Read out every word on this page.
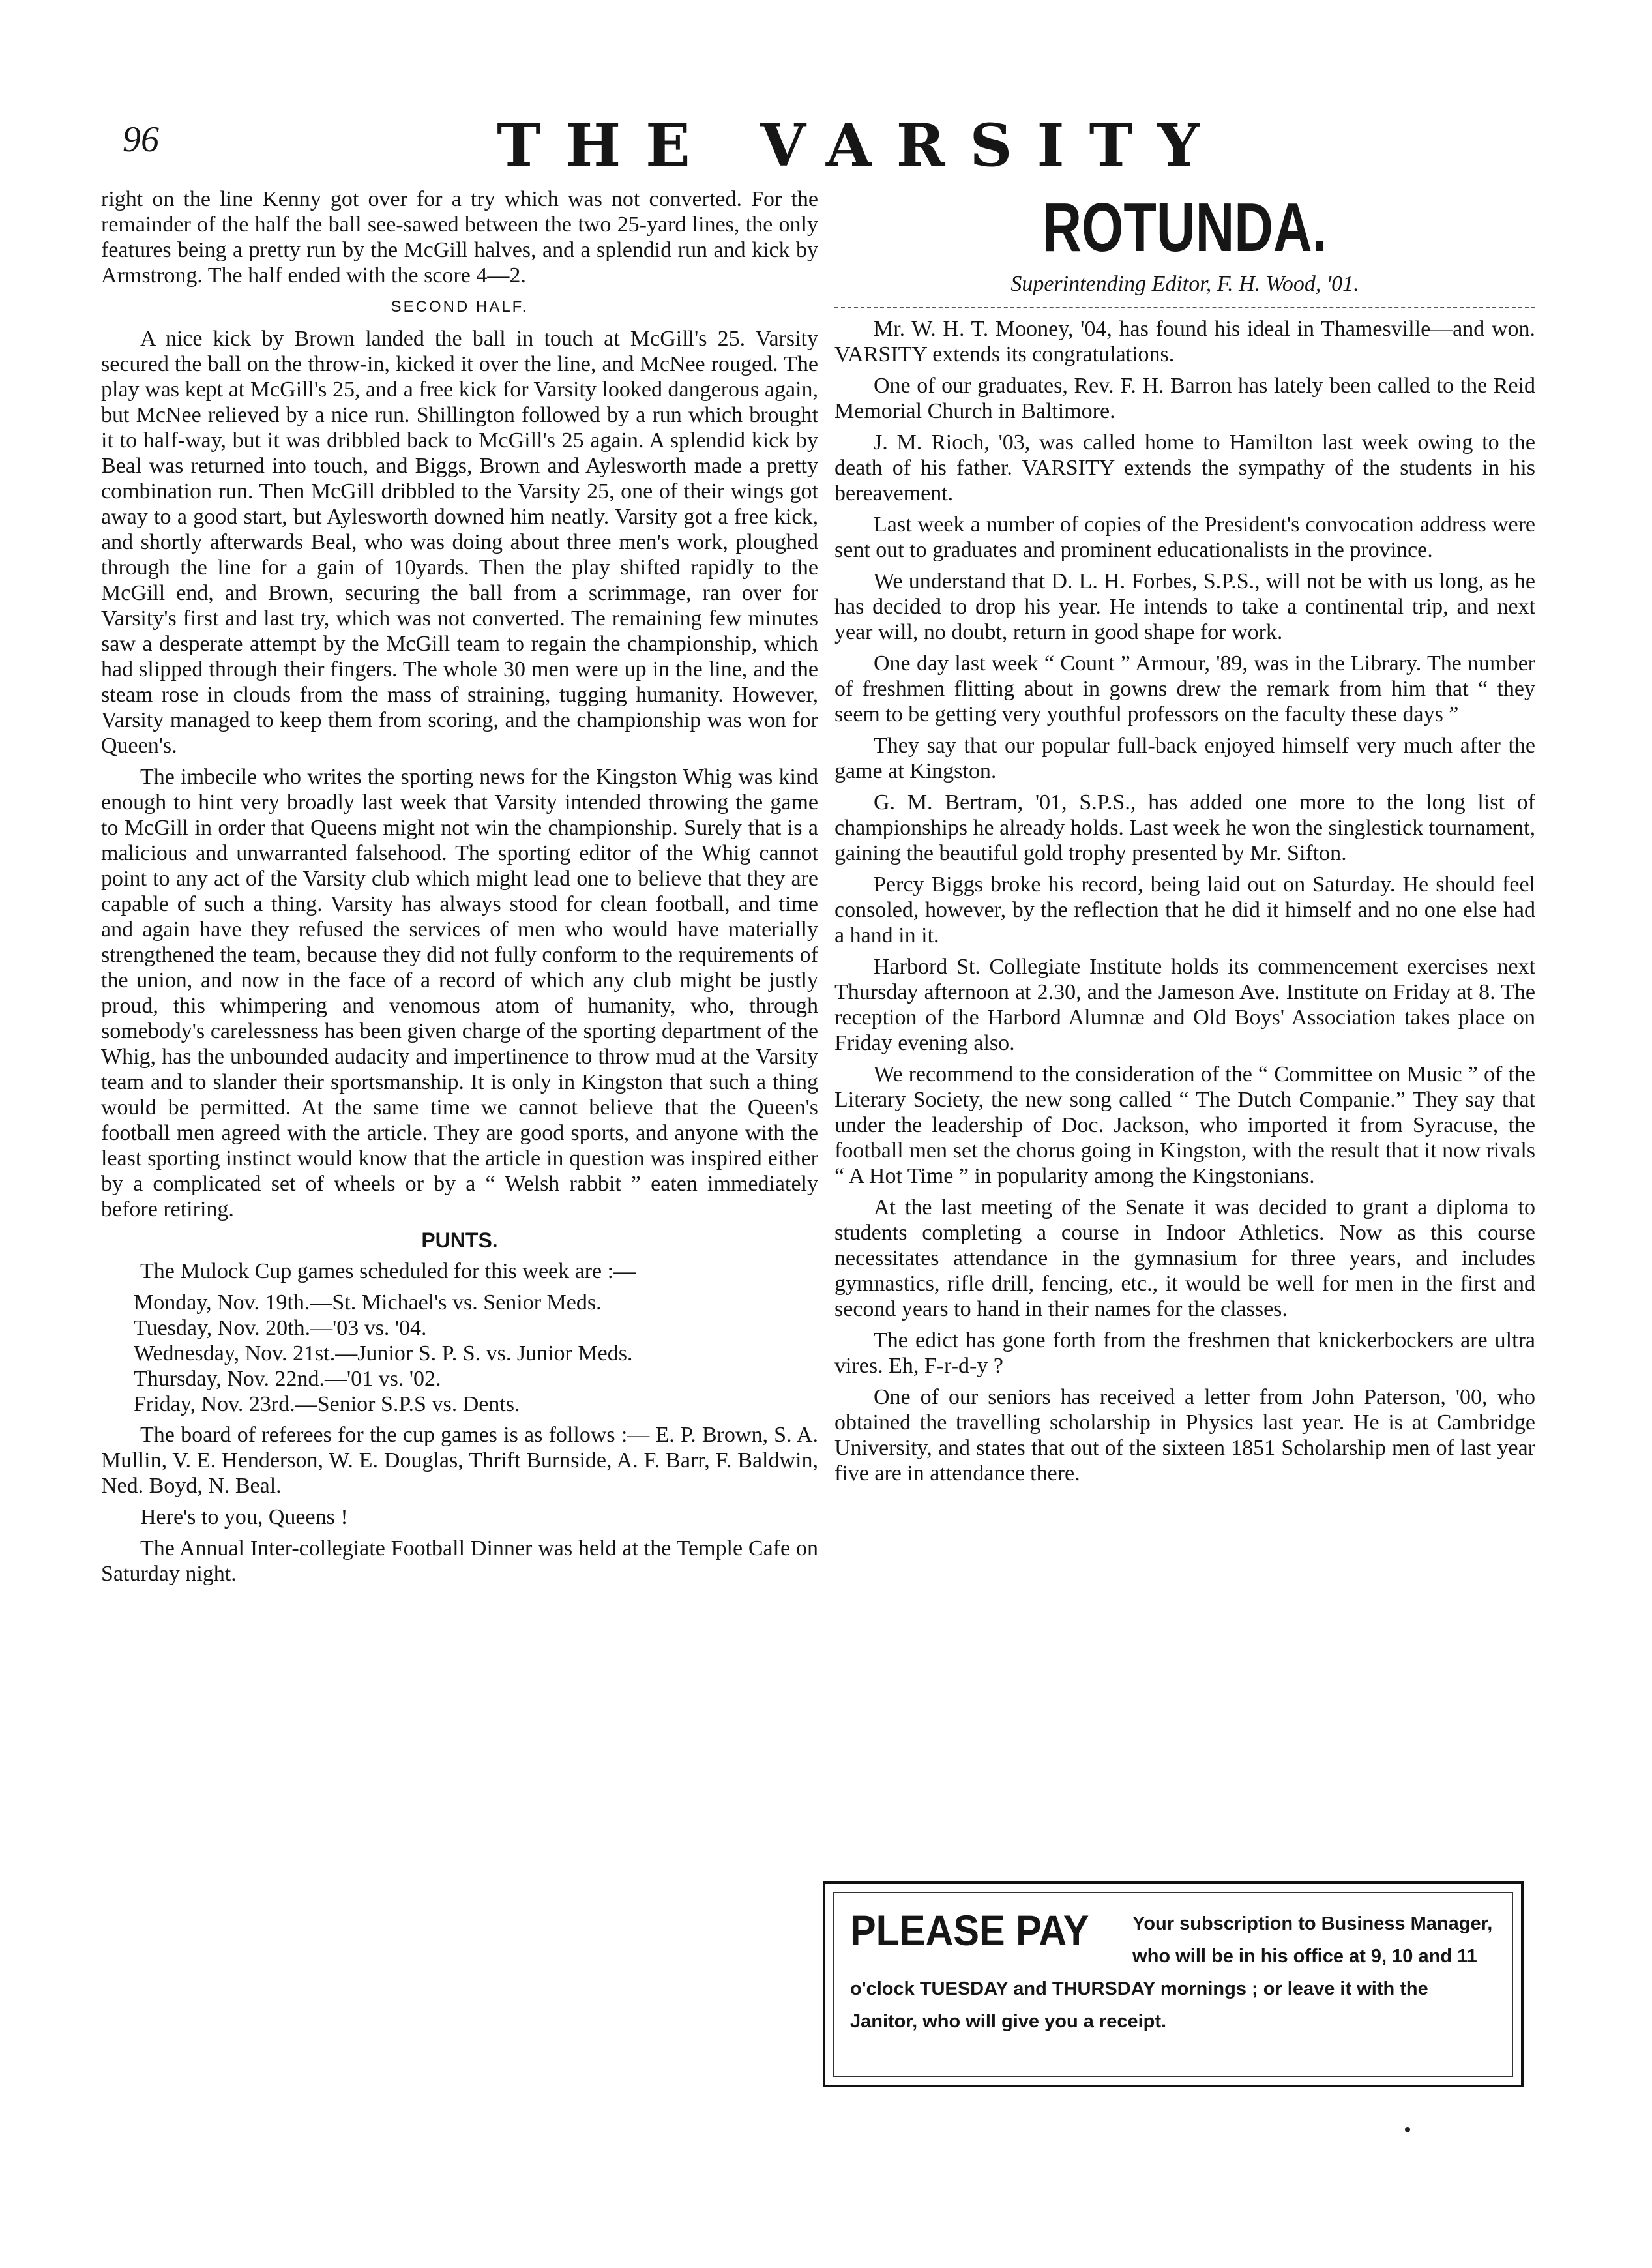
96	THE VARSITY

right on the line Kenny got over for a try which was not converted. For the remainder of the half the ball see-sawed between the two 25-yard lines, the only features being a pretty run by the McGill halves, and a splendid run and kick by Armstrong. The half ended with the score 4—2.

SECOND HALF.

A nice kick by Brown landed the ball in touch at McGill's 25. Varsity secured the ball on the throw-in, kicked it over the line, and McNee rouged. The play was kept at McGill's 25, and a free kick for Varsity looked dangerous again, but McNee relieved by a nice run. Shillington followed by a run which brought it to half-way, but it was dribbled back to McGill's 25 again. A splendid kick by Beal was returned into touch, and Biggs, Brown and Aylesworth made a pretty combination run. Then McGill dribbled to the Varsity 25, one of their wings got away to a good start, but Aylesworth downed him neatly. Varsity got a free kick, and shortly afterwards Beal, who was doing about three men's work, ploughed through the line for a gain of 10yards. Then the play shifted rapidly to the McGill end, and Brown, securing the ball from a scrimmage, ran over for Varsity's first and last try, which was not converted. The remaining few minutes saw a desperate attempt by the McGill team to regain the championship, which had slipped through their fingers. The whole 30 men were up in the line, and the steam rose in clouds from the mass of straining, tugging humanity. However, Varsity managed to keep them from scoring, and the championship was won for Queen's.

The imbecile who writes the sporting news for the Kingston Whig was kind enough to hint very broadly last week that Varsity intended throwing the game to McGill in order that Queens might not win the championship. Surely that is a malicious and unwarranted falsehood. The sporting editor of the Whig cannot point to any act of the Varsity club which might lead one to believe that they are capable of such a thing. Varsity has always stood for clean football, and time and again have they refused the services of men who would have materially strengthened the team, because they did not fully conform to the requirements of the union, and now in the face of a record of which any club might be justly proud, this whimpering and venomous atom of humanity, who, through somebody's carelessness has been given charge of the sporting department of the Whig, has the unbounded audacity and impertinence to throw mud at the Varsity team and to slander their sportsmanship. It is only in Kingston that such a thing would be permitted. At the same time we cannot believe that the Queen's football men agreed with the article. They are good sports, and anyone with the least sporting instinct would know that the article in question was inspired either by a complicated set of wheels or by a “ Welsh rabbit ” eaten immediately before retiring.

PUNTS.

The Mulock Cup games scheduled for this week are :—

Monday, Nov. 19th.—St. Michael's vs. Senior Meds.
Tuesday, Nov. 20th.—'03 vs. '04.
Wednesday, Nov. 21st.—Junior S. P. S. vs. Junior Meds.
Thursday, Nov. 22nd.—'01 vs. '02.
Friday, Nov. 23rd.—Senior S.P.S vs. Dents.

The board of referees for the cup games is as follows :— E. P. Brown, S. A. Mullin, V. E. Henderson, W. E. Douglas, Thrift Burnside, A. F. Barr, F. Baldwin, Ned. Boyd, N. Beal.

Here's to you, Queens !

The Annual Inter-collegiate Football Dinner was held at the Temple Cafe on Saturday night.

ROTUNDA.
Superintending Editor, F. H. Wood, '01.

Mr. W. H. T. Mooney, '04, has found his ideal in Thamesville—and won. VARSITY extends its congratulations.

One of our graduates, Rev. F. H. Barron has lately been called to the Reid Memorial Church in Baltimore.

J. M. Rioch, '03, was called home to Hamilton last week owing to the death of his father. VARSITY extends the sympathy of the students in his bereavement.

Last week a number of copies of the President's convocation address were sent out to graduates and prominent educationalists in the province.

We understand that D. L. H. Forbes, S.P.S., will not be with us long, as he has decided to drop his year. He intends to take a continental trip, and next year will, no doubt, return in good shape for work.

One day last week “ Count ” Armour, '89, was in the Library. The number of freshmen flitting about in gowns drew the remark from him that “ they seem to be getting very youthful professors on the faculty these days ”

They say that our popular full-back enjoyed himself very much after the game at Kingston.

G. M. Bertram, '01, S.P.S., has added one more to the long list of championships he already holds. Last week he won the singlestick tournament, gaining the beautiful gold trophy presented by Mr. Sifton.

Percy Biggs broke his record, being laid out on Saturday. He should feel consoled, however, by the reflection that he did it himself and no one else had a hand in it.

Harbord St. Collegiate Institute holds its commencement exercises next Thursday afternoon at 2.30, and the Jameson Ave. Institute on Friday at 8. The reception of the Harbord Alumnæ and Old Boys' Association takes place on Friday evening also.

We recommend to the consideration of the “ Committee on Music ” of the Literary Society, the new song called “ The Dutch Companie.” They say that under the leadership of Doc. Jackson, who imported it from Syracuse, the football men set the chorus going in Kingston, with the result that it now rivals “ A Hot Time ” in popularity among the Kingstonians.

At the last meeting of the Senate it was decided to grant a diploma to students completing a course in Indoor Athletics. Now as this course necessitates attendance in the gymnasium for three years, and includes gymnastics, rifle drill, fencing, etc., it would be well for men in the first and second years to hand in their names for the classes.

The edict has gone forth from the freshmen that knickerbockers are ultra vires. Eh, F-r-d-y ?

One of our seniors has received a letter from John Paterson, '00, who obtained the travelling scholarship in Physics last year. He is at Cambridge University, and states that out of the sixteen 1851 Scholarship men of last year five are in attendance there.

PLEASE PAY Your subscription to Business Manager, who will be in his office at 9, 10 and 11 o'clock TUESDAY and THURSDAY mornings ; or leave it with the Janitor, who will give you a receipt.
